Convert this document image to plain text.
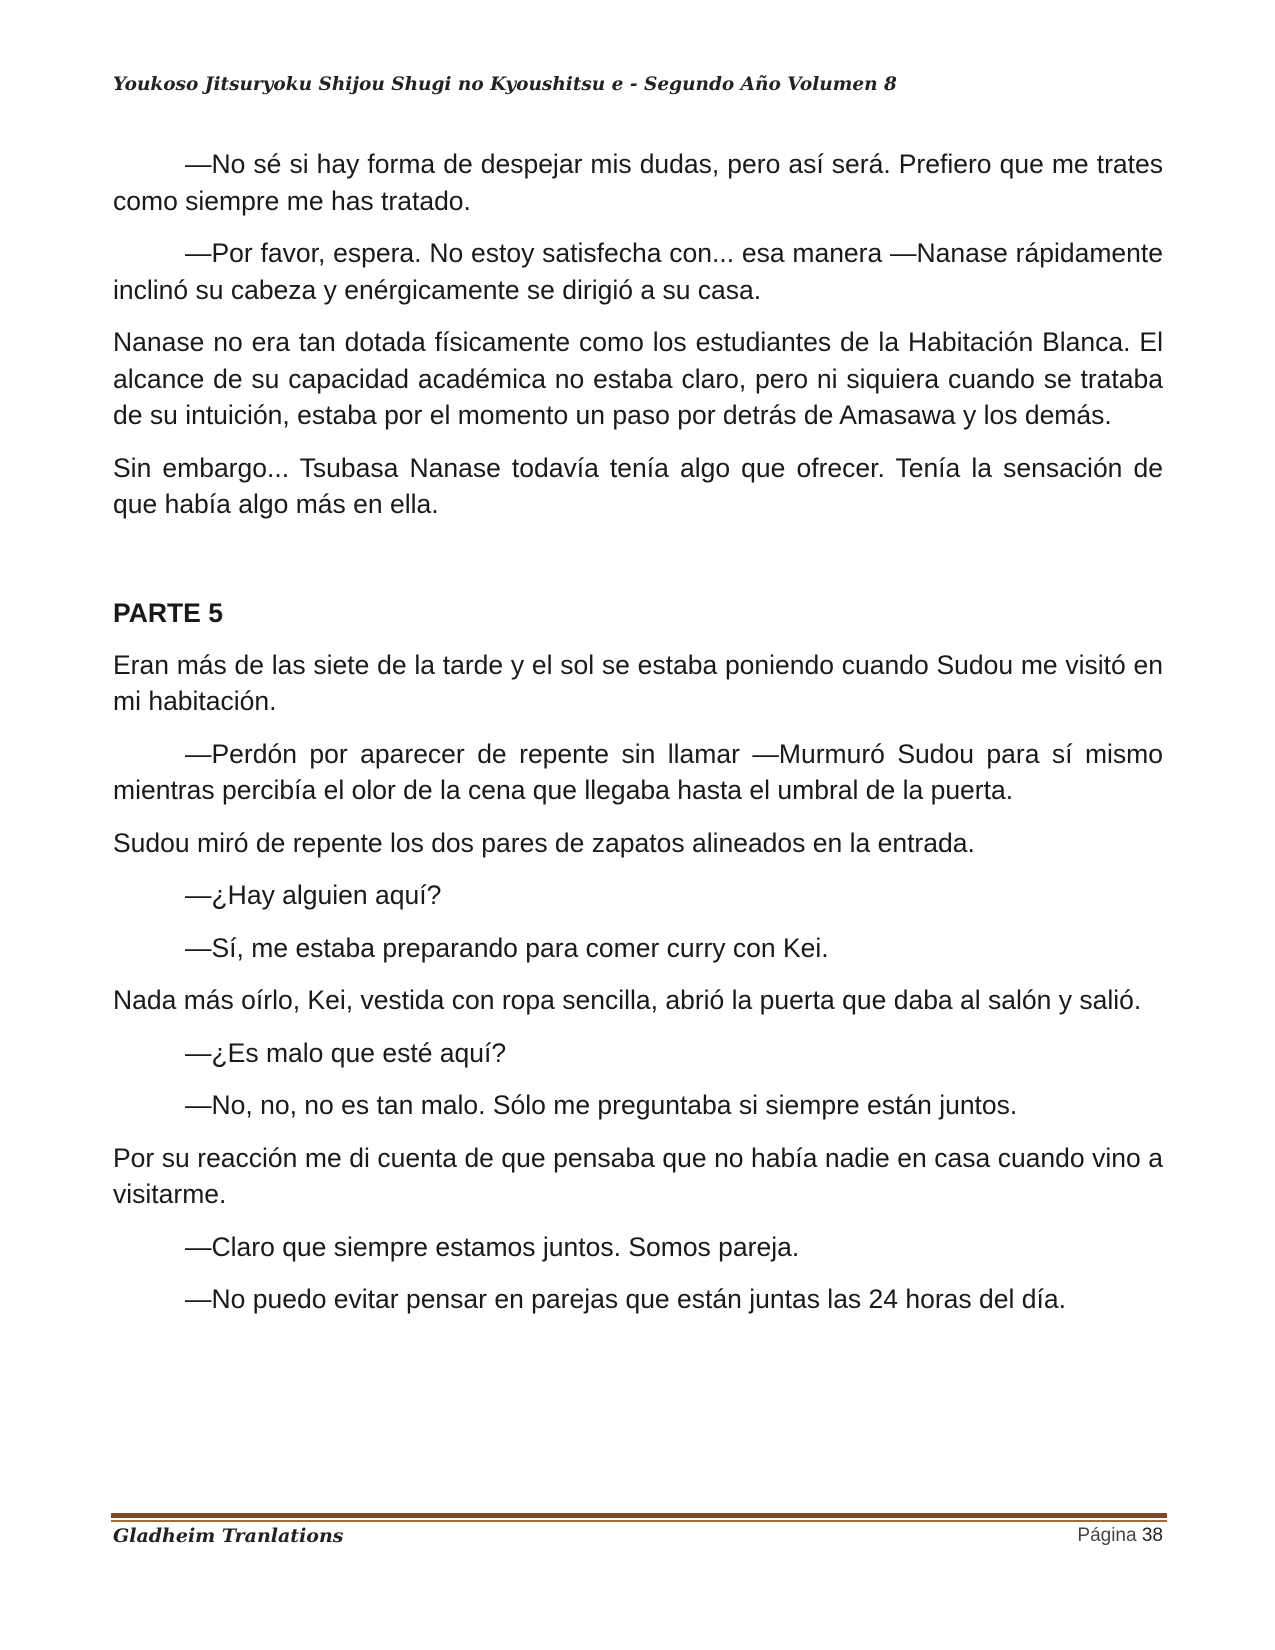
Youkoso Jitsuryoku Shijou Shugi no Kyoushitsu e - Segundo Año Volumen 8

—No sé si hay forma de despejar mis dudas, pero así será. Prefiero que me trates como siempre me has tratado.

—Por favor, espera. No estoy satisfecha con... esa manera —Nanase rápidamente inclinó su cabeza y enérgicamente se dirigió a su casa.

Nanase no era tan dotada físicamente como los estudiantes de la Habitación Blanca. El alcance de su capacidad académica no estaba claro, pero ni siquiera cuando se trataba de su intuición, estaba por el momento un paso por detrás de Amasawa y los demás.

Sin embargo... Tsubasa Nanase todavía tenía algo que ofrecer. Tenía la sensación de que había algo más en ella.

PARTE 5

Eran más de las siete de la tarde y el sol se estaba poniendo cuando Sudou me visitó en mi habitación.

—Perdón por aparecer de repente sin llamar —Murmuró Sudou para sí mismo mientras percibía el olor de la cena que llegaba hasta el umbral de la puerta.

Sudou miró de repente los dos pares de zapatos alineados en la entrada.

—¿Hay alguien aquí?

—Sí, me estaba preparando para comer curry con Kei.

Nada más oírlo, Kei, vestida con ropa sencilla, abrió la puerta que daba al salón y salió.

—¿Es malo que esté aquí?

—No, no, no es tan malo. Sólo me preguntaba si siempre están juntos.

Por su reacción me di cuenta de que pensaba que no había nadie en casa cuando vino a visitarme.

—Claro que siempre estamos juntos. Somos pareja.

—No puedo evitar pensar en parejas que están juntas las 24 horas del día.

Gladheim Tranlations	Página 38
